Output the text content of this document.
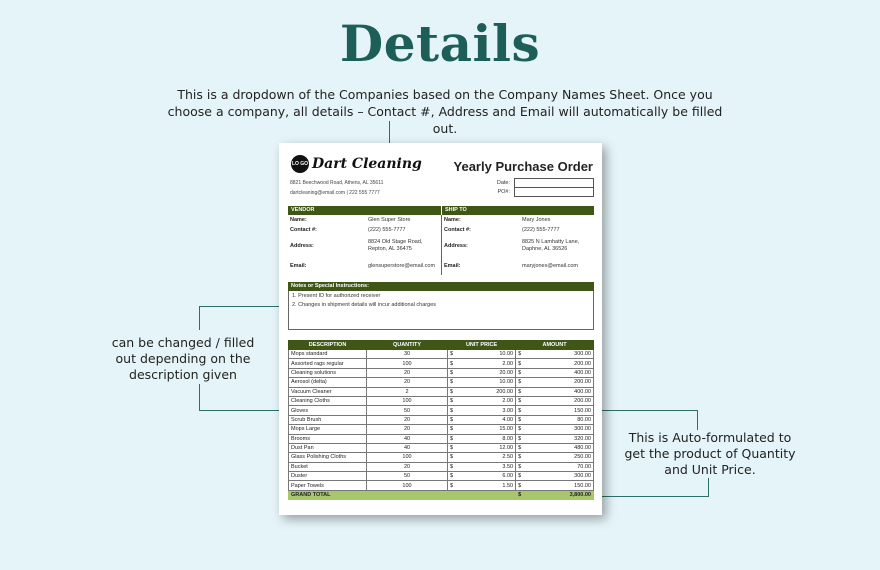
Details
This is a dropdown of the Companies based on the Company Names Sheet. Once you choose a company, all details – Contact #, Address and Email will automatically be filled out.
can be changed / filled out depending on the description given
This is Auto-formulated to get the product of Quantity and Unit Price.
LO GO Dart Cleaning
8821 Beechwood Road, Athens, AL 35611
dartcleaning@email.com | 222 555 7777
Yearly Purchase Order
Date:
PO#:
VENDOR	SHIP TO
Name:	Glen Super Store
Contact #:	(222) 555-7777
Address:
8824 Old Stage Road,
Repton, AL 36475
Email:	glensuperstore@email.com
Name:	Mary Jones
Contact #:	(222) 555-7777
Address:
8825 N Lamhatty Lane,
Daphne, AL 36526
Email:	maryjones@email.com
Notes or Special Instructions:
1. Present ID for authorized receiver
2. Changes in shipment details will incur additional charges
DESCRIPTION	QUANTITY	UNIT PRICE		AMOUNT	
Mops standard	30	$	10.00	$	300.00
Assorted rags regular	100	$	2.00	$	200.00
Cleaning solutions	20	$	20.00	$	400.00
Aerosol (delta)	20	$	10.00	$	200.00
Vacuum Cleaner	2	$	200.00	$	400.00
Cleaning Cloths	100	$	2.00	$	200.00
Gloves	50	$	3.00	$	150.00
Scrub Brush	20	$	4.00	$	80.00
Mops Large	20	$	15.00	$	300.00
Brooms	40	$	8.00	$	320.00
Dust Pan	40	$	12.00	$	480.00
Glass Polishing Cloths	100	$	2.50	$	250.00
Bucket	20	$	3.50	$	70.00
Duster	50	$	6.00	$	300.00
Paper Towels	100	$	1.50	$	150.00
GRAND TOTAL				$	3,800.00
